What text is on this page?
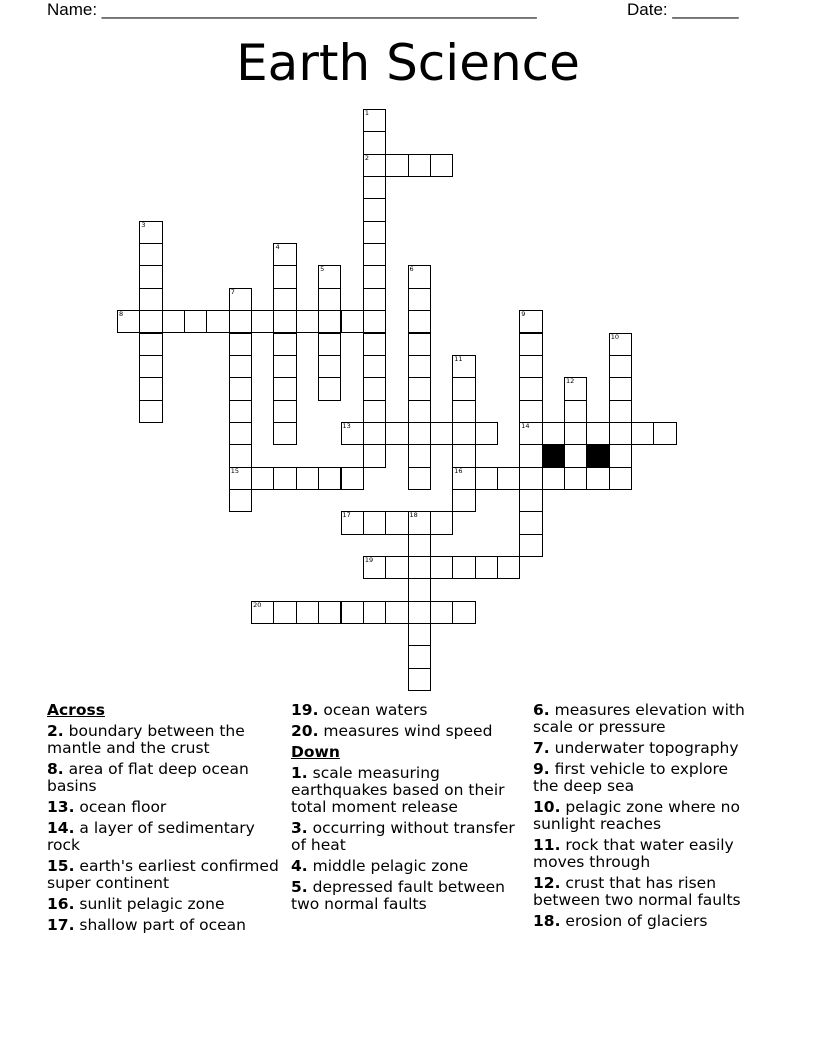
Name: ______________________________________________	Date: _______
Earth Science
1
2
3
4
5	6
7
15
8	9
14
10
11
16
12
13
17	18
19
20
Across
2. boundary between the mantle and the crust
8. area of flat deep ocean basins
13. ocean floor
14. a layer of sedimentary rock
15. earth's earliest confirmed super continent
16. sunlit pelagic zone
17. shallow part of ocean
19. ocean waters
20. measures wind speed
Down
1. scale measuring earthquakes based on their total moment release
3. occurring without transfer of heat
4. middle pelagic zone
5. depressed fault between two normal faults
6. measures elevation with scale or pressure
7. underwater topography
9. first vehicle to explore the deep sea
10. pelagic zone where no sunlight reaches
11. rock that water easily moves through
12. crust that has risen between two normal faults
18. erosion of glaciers
